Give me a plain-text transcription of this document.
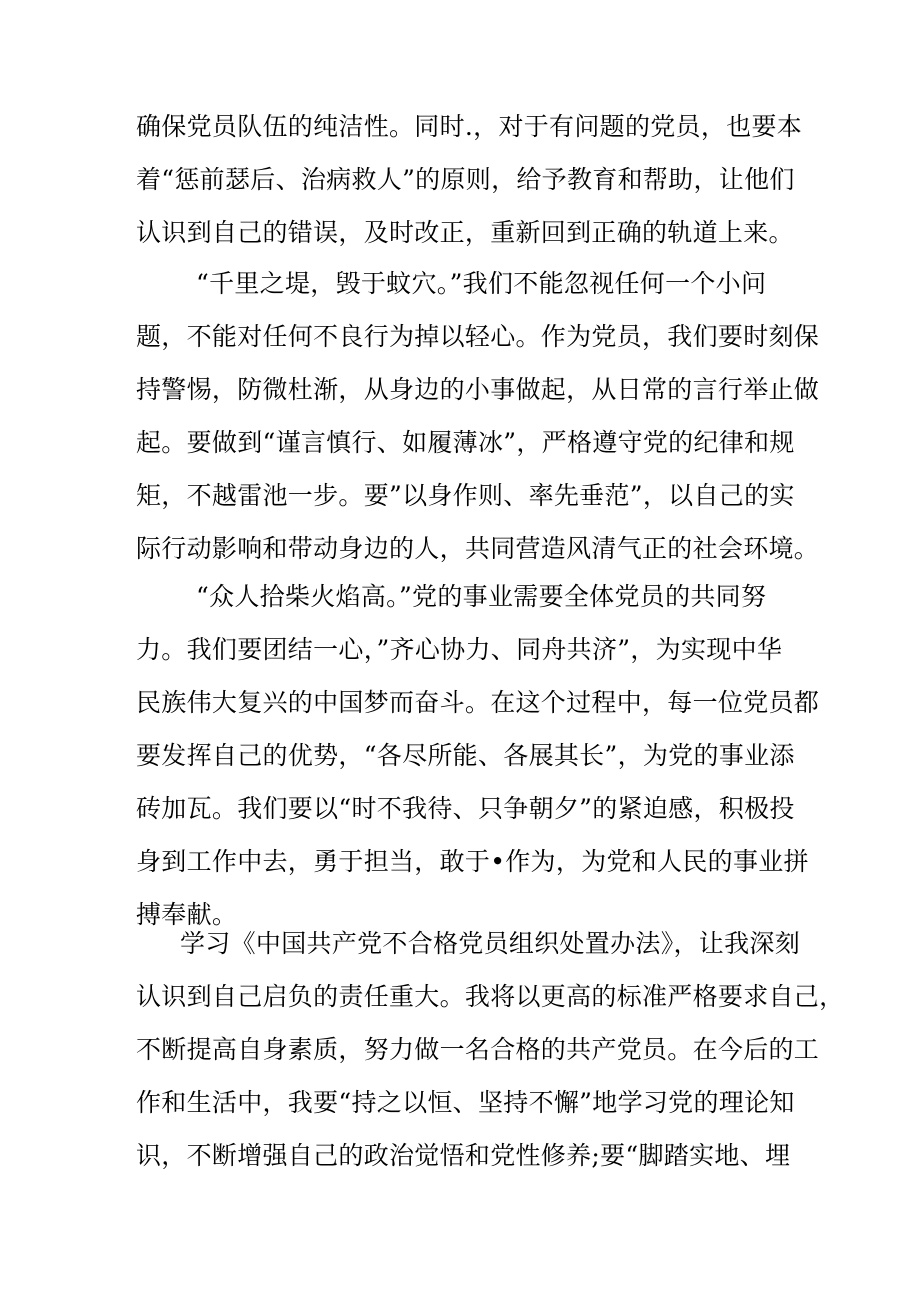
确保党员队伍的纯洁性。同时.，对于有问题的党员，也要本
着“惩前瑟后、治病救人”的原则，给予教育和帮助，让他们
认识到自己的错误，及时改正，重新回到正确的轨道上来。
“千里之堤，毁于蚊穴。”我们不能忽视任何一个小问
题，不能对任何不良行为掉以轻心。作为党员，我们要时刻保
持警惕，防微杜渐，从身边的小事做起，从日常的言行举止做
起。要做到“谨言慎行、如履薄冰”，严格遵守党的纪律和规
矩，不越雷池一步。要”以身作则、率先垂范”，以自己的实
际行动影响和带动身边的人，共同营造风清气正的社会环境。
“众人拾柴火焰高。”党的事业需要全体党员的共同努
力。我们要团结一心，”齐心协力、同舟共济”，为实现中华
民族伟大复兴的中国梦而奋斗。在这个过程中，每一位党员都
要发挥自己的优势，“各尽所能、各展其长”，为党的事业添
砖加瓦。我们要以“时不我待、只争朝夕”的紧迫感，积极投
身到工作中去，勇于担当，敢于•作为，为党和人民的事业拼
搏奉献。
学习《中国共产党不合格党员组织处置办法》，让我深刻
认识到自己启负的责任重大。我将以更高的标准严格要求自己，
不断提高自身素质，努力做一名合格的共产党员。在今后的工
作和生活中，我要“持之以恒、坚持不懈”地学习党的理论知
识，不断增强自己的政治觉悟和党性修养;要“脚踏实地、埋
